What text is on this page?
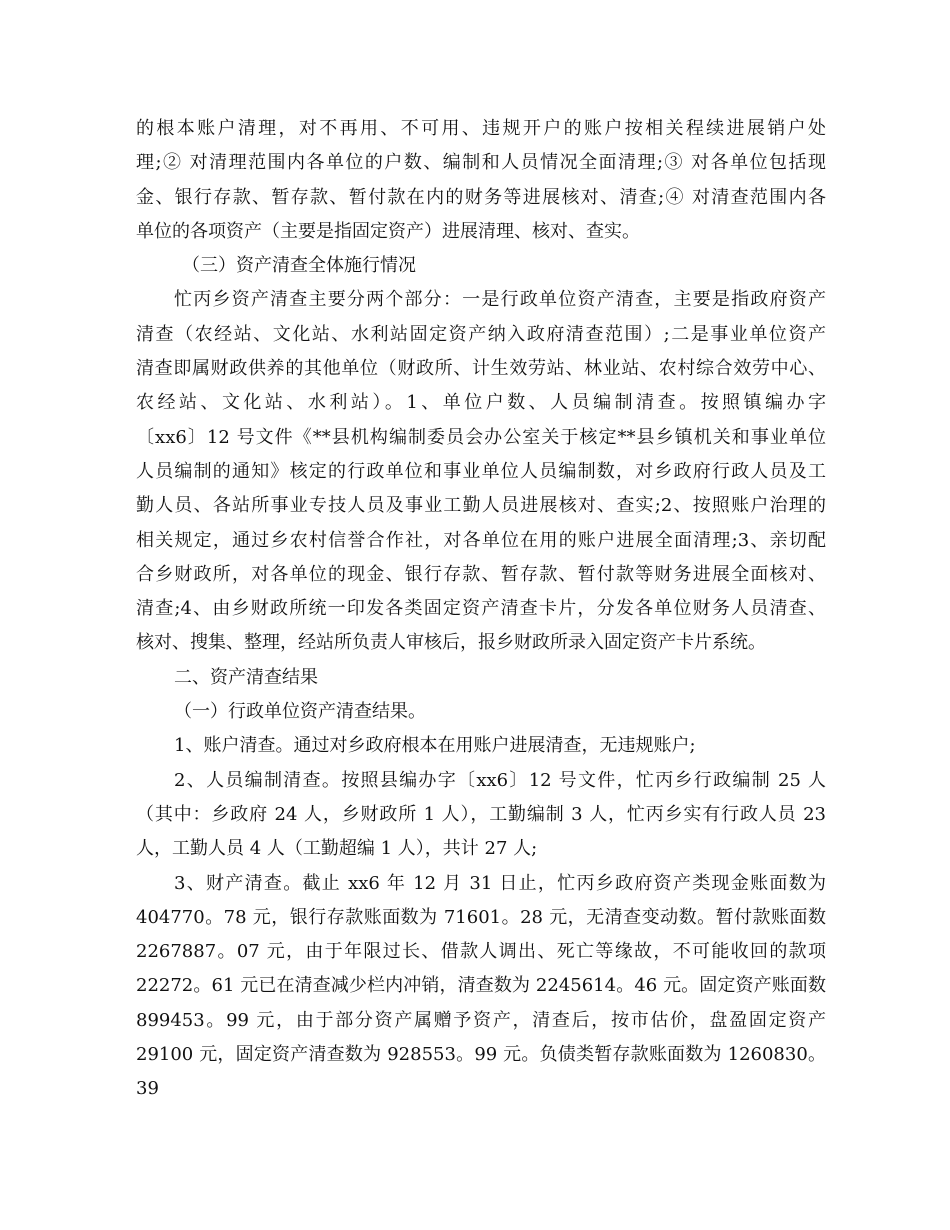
的根本账户清理，对不再用、不可用、违规开户的账户按相关程续进展销户处
理;② 对清理范围内各单位的户数、编制和人员情况全面清理;③ 对各单位包括现
金、银行存款、暂存款、暂付款在内的财务等进展核对、清查;④ 对清查范围内各
单位的各项资产（主要是指固定资产）进展清理、核对、查实。
（三）资产清查全体施行情况
忙丙乡资产清查主要分两个部分：一是行政单位资产清查，主要是指政府资产
清查（农经站、文化站、水利站固定资产纳入政府清查范围）;二是事业单位资产
清查即属财政供养的其他单位（财政所、计生效劳站、林业站、农村综合效劳中心、
农经站、文化站、水利站）。1、单位户数、人员编制清查。按照镇编办字
〔xx6〕12 号文件《**县机构编制委员会办公室关于核定**县乡镇机关和事业单位
人员编制的通知》核定的行政单位和事业单位人员编制数，对乡政府行政人员及工
勤人员、各站所事业专技人员及事业工勤人员进展核对、查实;2、按照账户治理的
相关规定，通过乡农村信誉合作社，对各单位在用的账户进展全面清理;3、亲切配
合乡财政所，对各单位的现金、银行存款、暂存款、暂付款等财务进展全面核对、
清查;4、由乡财政所统一印发各类固定资产清查卡片，分发各单位财务人员清查、
核对、搜集、整理，经站所负责人审核后，报乡财政所录入固定资产卡片系统。
二、资产清查结果
（一）行政单位资产清查结果。
1、账户清查。通过对乡政府根本在用账户进展清查，无违规账户;
2、人员编制清查。按照县编办字〔xx6〕12 号文件，忙丙乡行政编制 25 人
（其中：乡政府 24 人，乡财政所 1 人），工勤编制 3 人，忙丙乡实有行政人员 23
人，工勤人员 4 人（工勤超编 1 人），共计 27 人;
3、财产清查。截止 xx6 年 12 月 31 日止，忙丙乡政府资产类现金账面数为
404770。78 元，银行存款账面数为 71601。28 元，无清查变动数。暂付款账面数
2267887。07 元，由于年限过长、借款人调出、死亡等缘故，不可能收回的款项
22272。61 元已在清查减少栏内冲销，清查数为 2245614。46 元。固定资产账面数
899453。99 元，由于部分资产属赠予资产，清查后，按市估价，盘盈固定资产
29100 元，固定资产清查数为 928553。99 元。负债类暂存款账面数为 1260830。39
